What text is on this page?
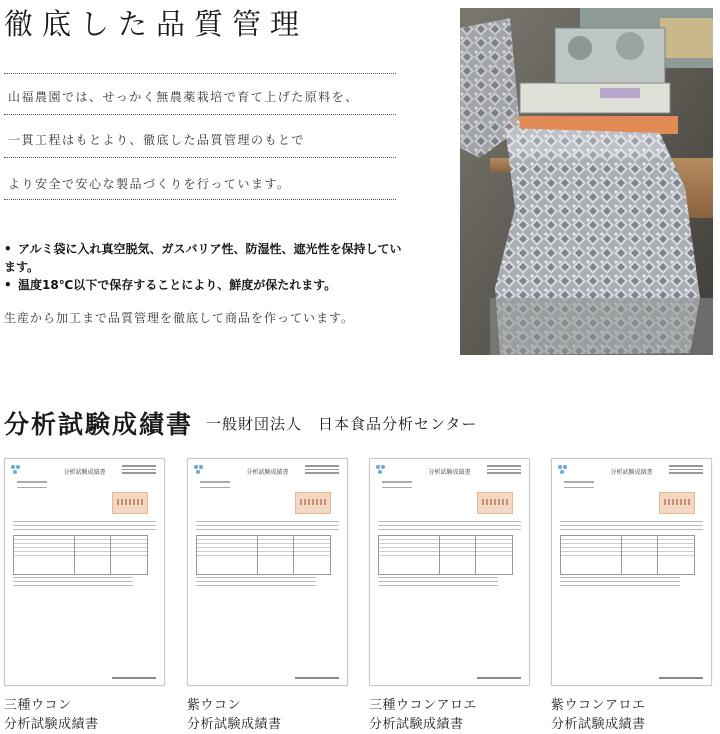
徹底した品質管理
山福農園では、せっかく無農薬栽培で育て上げた原料を、
一貫工程はもとより、徹底した品質管理のもとで
より安全で安心な製品づくりを行っています。
• アルミ袋に入れ真空脱気、ガスバリア性、防湿性、遮光性を保持しています。
• 温度18℃以下で保存することにより、鮮度が保たれます。
生産から加工まで品質管理を徹底して商品を作っています。
分析試験成績書 一般財団法人　日本食品分析センター
分析試験成績書
三種ウコン
分析試験成績書
分析試験成績書
紫ウコン
分析試験成績書
分析試験成績書
三種ウコンアロエ
分析試験成績書
分析試験成績書
紫ウコンアロエ
分析試験成績書
